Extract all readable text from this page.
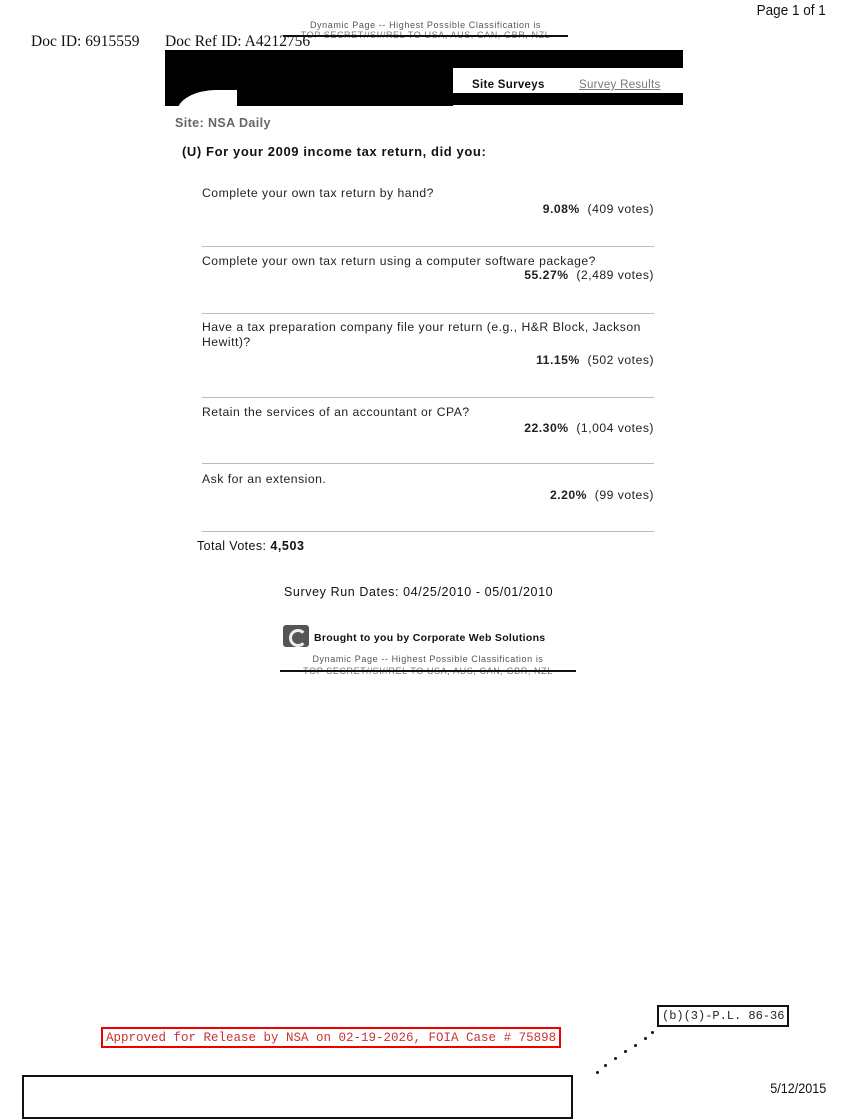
Page 1 of 1
Doc ID: 6915559
Dynamic Page -- Highest Possible Classification is
Doc Ref ID: A4212756
Site Surveys	Survey Results
Site: NSA Daily
(U) For your 2009 income tax return, did you:
Complete your own tax return by hand?
9.08% (409 votes)
Complete your own tax return using a computer software package?
55.27% (2,489 votes)
Have a tax preparation company file your return (e.g., H&R Block, Jackson Hewitt)?
11.15% (502 votes)
Retain the services of an accountant or CPA?
22.30% (1,004 votes)
Ask for an extension.
2.20% (99 votes)
Total Votes: 4,503
Survey Run Dates: 04/25/2010 - 05/01/2010
Brought to you by Corporate Web Solutions
Dynamic Page -- Highest Possible Classification is
(b)(3)-P.L. 86-36
Approved for Release by NSA on 02-19-2026, FOIA Case # 75898
5/12/2015
